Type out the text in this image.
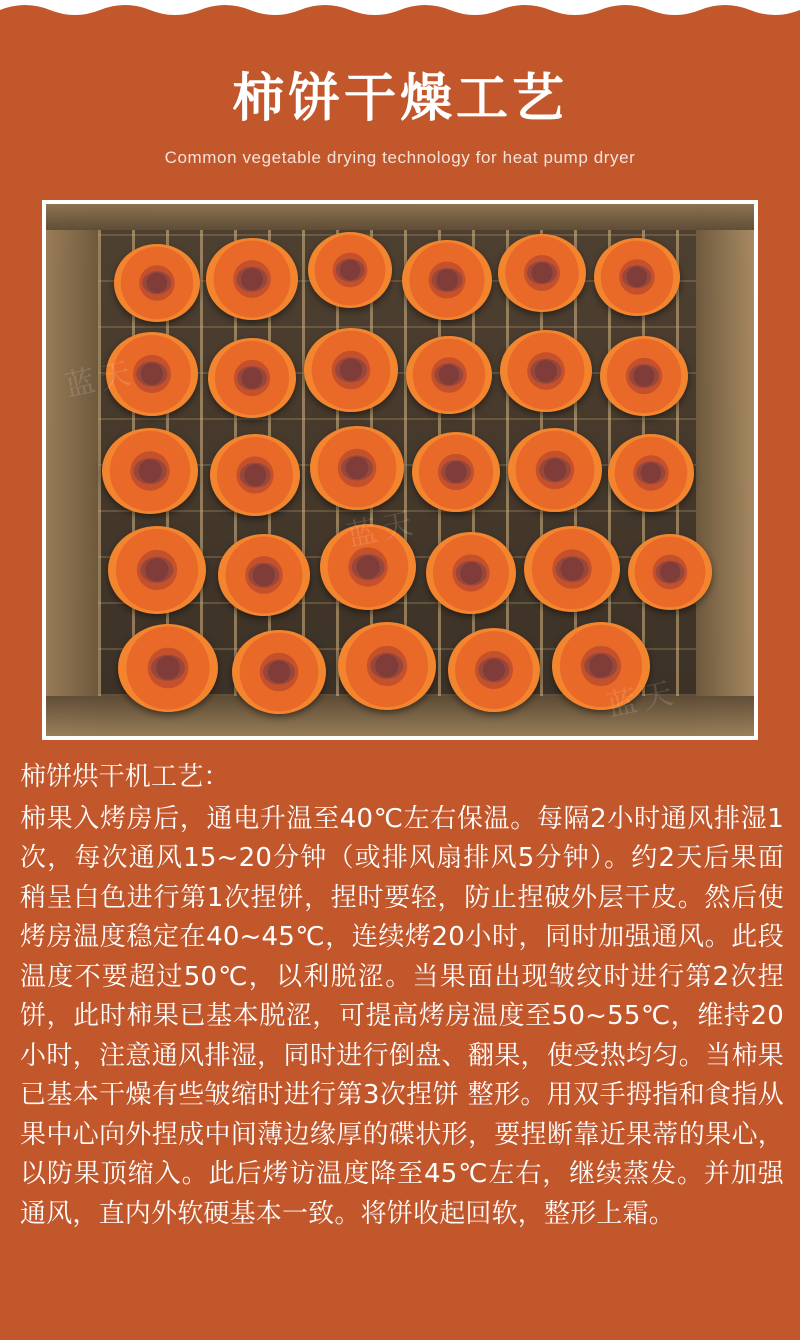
柿饼干燥工艺

Common vegetable drying technology for heat pump dryer

柿饼烘干机工艺：
柿果入烤房后，通电升温至40℃左右保温。每隔2小时通风排湿1次，每次通风15~20分钟（或排风扇排风5分钟）。约2天后果面稍呈白色进行第1次捏饼，捏时要轻，防止捏破外层干皮。然后使烤房温度稳定在40~45℃，连续烤20小时，同时加强通风。此段温度不要超过50℃，以利脱涩。当果面出现皱纹时进行第2次捏饼，此时柿果已基本脱涩，可提高烤房温度至50~55℃，维持20小时，注意通风排湿，同时进行倒盘、翻果，使受热均匀。当柿果已基本干燥有些皱缩时进行第3次捏饼 整形。用双手拇指和食指从果中心向外捏成中间薄边缘厚的碟状形，要捏断靠近果蒂的果心，以防果顶缩入。此后烤访温度降至45℃左右，继续蒸发。并加强通风，直内外软硬基本一致。将饼收起回软，整形上霜。
